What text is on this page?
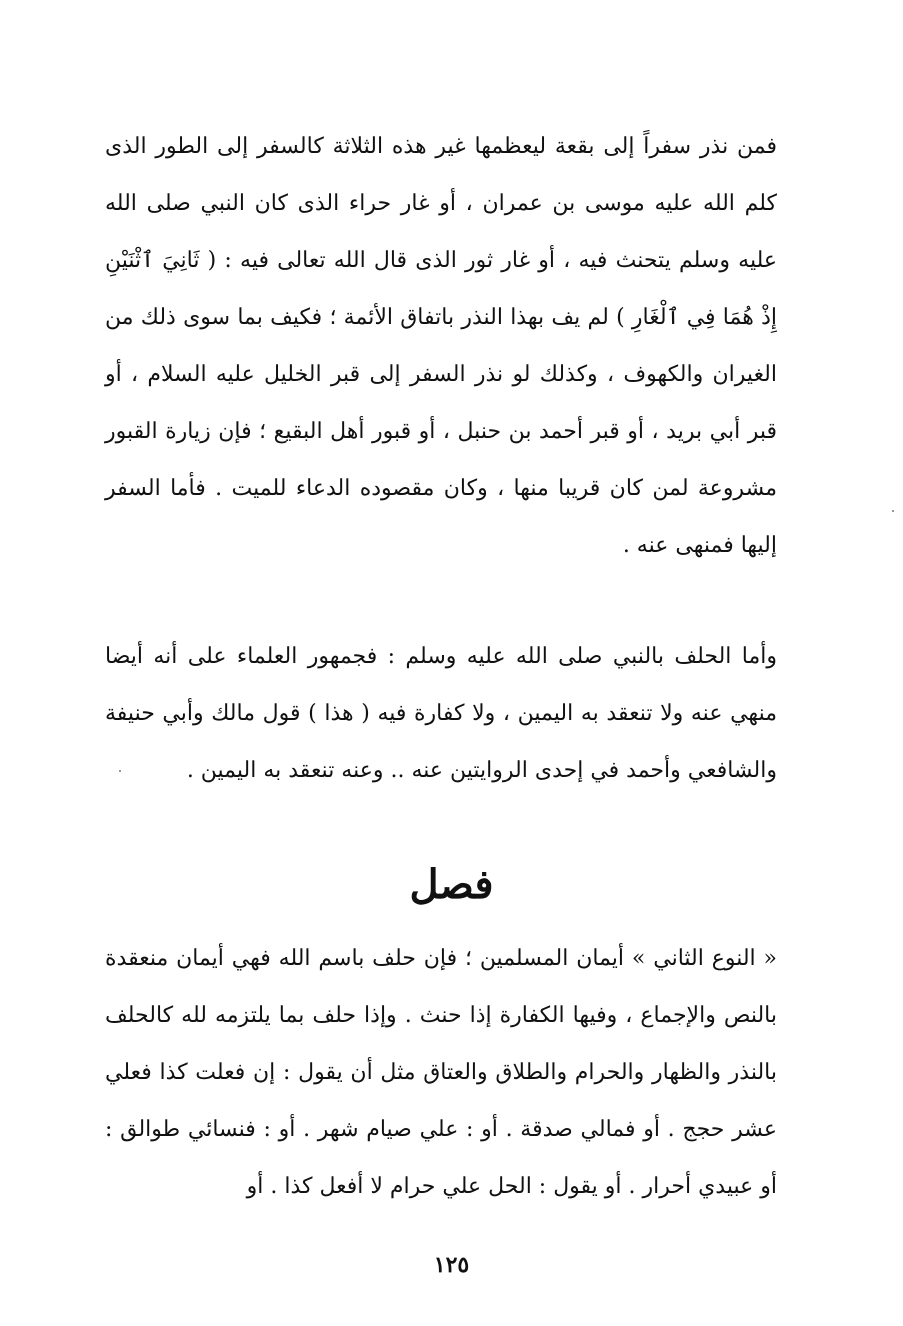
فمن نذر سفراً إلى بقعة ليعظمها غير هذه الثلاثة كالسفر إلى الطور الذى كلم الله عليه موسى بن عمران ، أو غار حراء الذى كان النبي صلى الله عليه وسلم يتحنث فيه ، أو غار ثور الذى قال الله تعالى فيه : ( ثَانِيَ ٱثْنَيْنِ إِذْ هُمَا فِي ٱلْغَارِ ) لم يف بهذا النذر باتفاق الأئمة ؛ فكيف بما سوى ذلك من الغيران والكهوف ، وكذلك لو نذر السفر إلى قبر الخليل عليه السلام ، أو قبر أبي بريد ، أو قبر أحمد بن حنبل ، أو قبور أهل البقيع ؛ فإن زيارة القبور مشروعة لمن كان قريبا منها ، وكان مقصوده الدعاء للميت . فأما السفر إليها فمنهى عنه .
وأما الحلف بالنبي صلى الله عليه وسلم : فجمهور العلماء على أنه أيضا منهي عنه ولا تنعقد به اليمين ، ولا كفارة فيه ( هذا ) قول مالك وأبي حنيفة والشافعي وأحمد في إحدى الروايتين عنه .. وعنه تنعقد به اليمين .
فصل
« النوع الثاني » أيمان المسلمين ؛ فإن حلف باسم الله فهي أيمان منعقدة بالنص والإجماع ، وفيها الكفارة إذا حنث . وإذا حلف بما يلتزمه لله كالحلف بالنذر والظهار والحرام والطلاق والعتاق مثل أن يقول : إن فعلت كذا فعلي عشر حجج . أو فمالي صدقة . أو : علي صيام شهر . أو : فنسائي طوالق : أو عبيدي أحرار . أو يقول : الحل علي حرام لا أفعل كذا . أو
١٢٥
